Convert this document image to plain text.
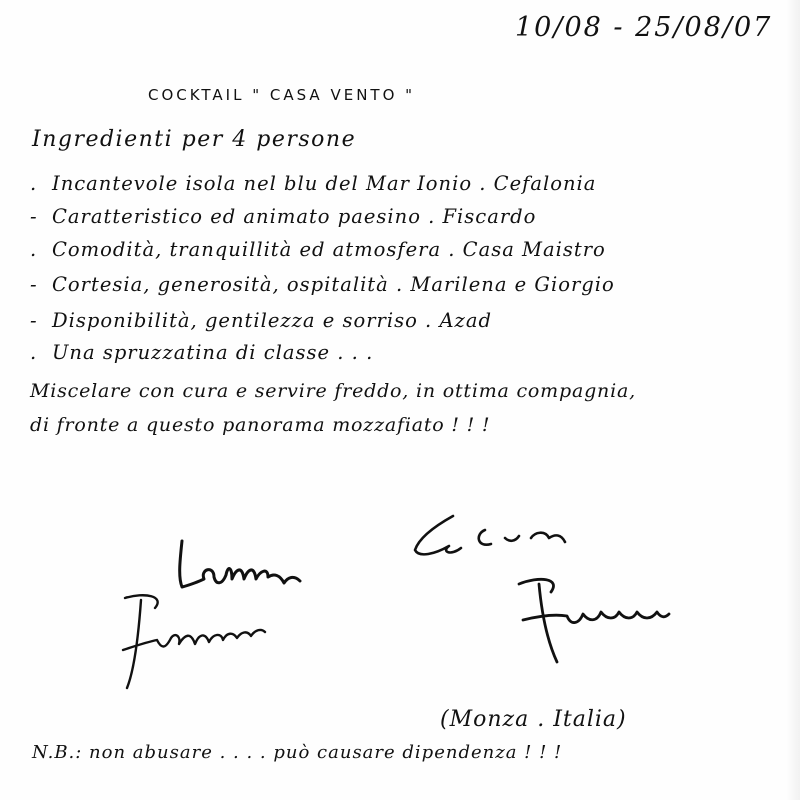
10/08 - 25/08/07
COCKTAIL " CASA VENTO "
Ingredienti per 4 persone
. Incantevole isola nel blu del Mar Ionio . Cefalonia
- Caratteristico ed animato paesino . Fiscardo
. Comodità, tranquillità ed atmosfera . Casa Maistro
- Cortesia, generosità, ospitalità . Marilena e Giorgio
- Disponibilità, gentilezza e sorriso . Azad
. Una spruzzatina di classe . . .
Miscelare con cura e servire freddo, in ottima compagnia,
di fronte a questo panorama mozzafiato ! ! !
(Monza . Italia)
N.B.: non abusare . . . . può causare dipendenza ! ! !
